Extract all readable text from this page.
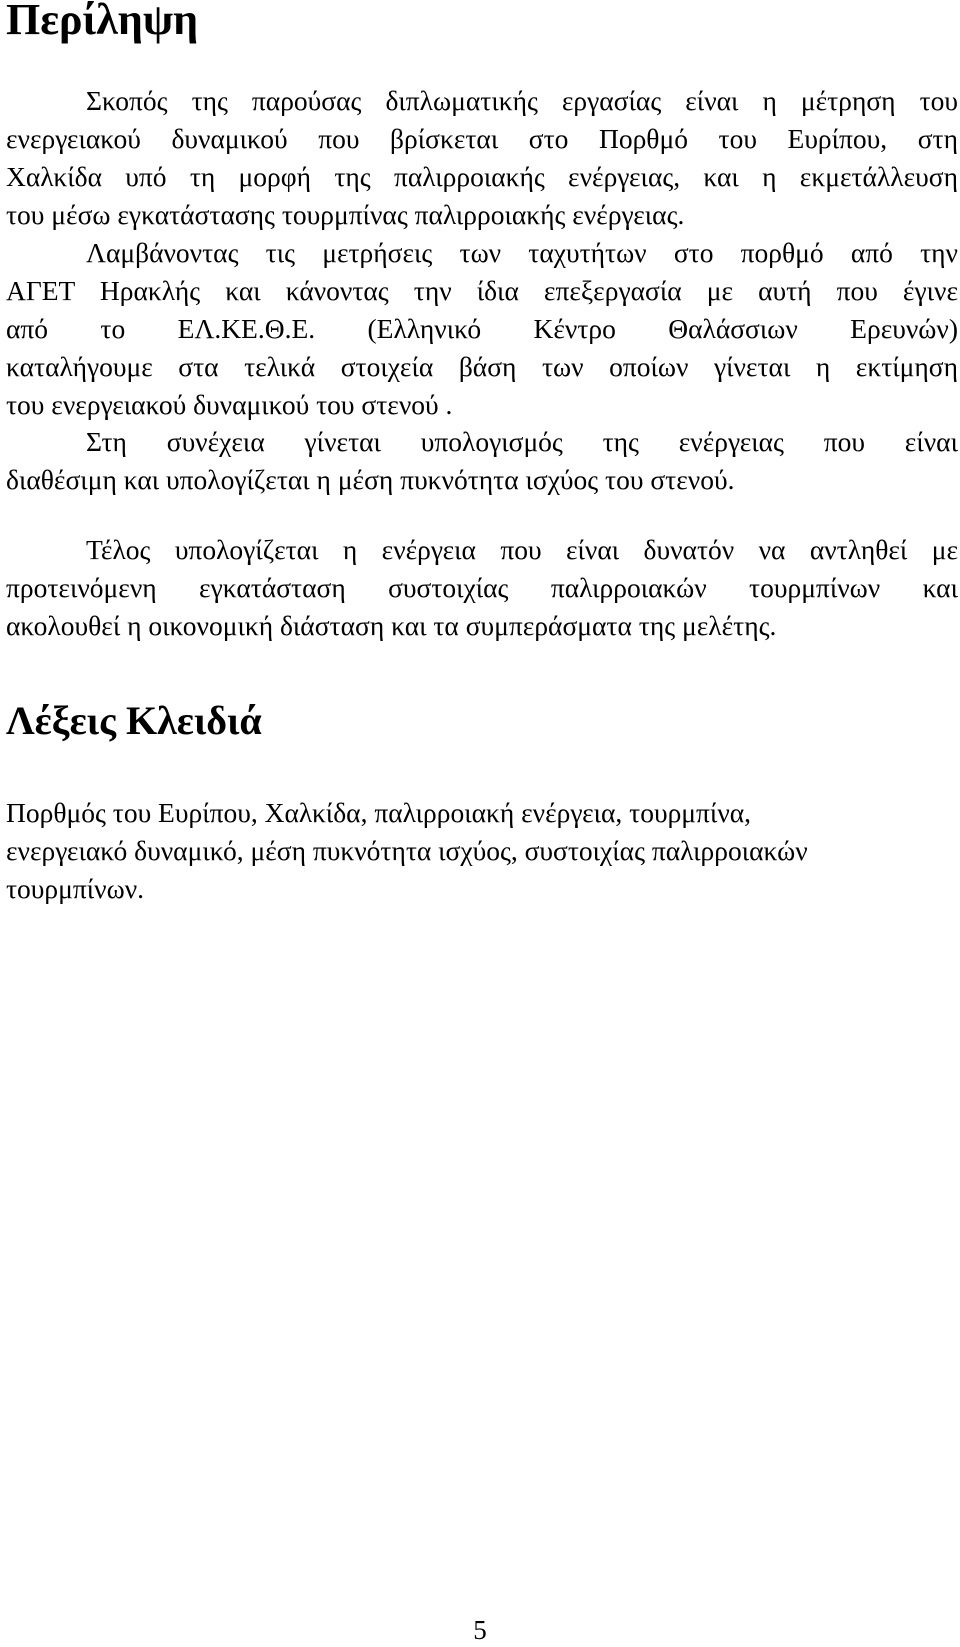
Περίληψη
Σκοπός της παρούσας διπλωματικής εργασίας είναι η μέτρηση του
ενεργειακού δυναμικού που βρίσκεται στο Πορθμό του Ευρίπου, στη
Χαλκίδα υπό τη μορφή της παλιρροιακής ενέργειας, και η εκμετάλλευση
του μέσω εγκατάστασης τουρμπίνας παλιρροιακής ενέργειας.
Λαμβάνοντας τις μετρήσεις των ταχυτήτων στο πορθμό από την
ΑΓΕΤ Ηρακλής και κάνοντας την ίδια επεξεργασία με αυτή που έγινε
από το ΕΛ.ΚΕ.Θ.Ε. (Ελληνικό Κέντρο Θαλάσσιων Ερευνών)
καταλήγουμε στα τελικά στοιχεία βάση των οποίων γίνεται η εκτίμηση
του ενεργειακού δυναμικού του στενού .
Στη συνέχεια γίνεται υπολογισμός της ενέργειας που είναι
διαθέσιμη και υπολογίζεται η μέση πυκνότητα ισχύος του στενού.
Τέλος υπολογίζεται η ενέργεια που είναι δυνατόν να αντληθεί με
προτεινόμενη εγκατάσταση συστοιχίας παλιρροιακών τουρμπίνων και
ακολουθεί η οικονομική διάσταση και τα συμπεράσματα της μελέτης.
Λέξεις Κλειδιά
Πορθμός του Ευρίπου, Χαλκίδα, παλιρροιακή ενέργεια, τουρμπίνα,
ενεργειακό δυναμικό, μέση πυκνότητα ισχύος, συστοιχίας παλιρροιακών
τουρμπίνων.
5
